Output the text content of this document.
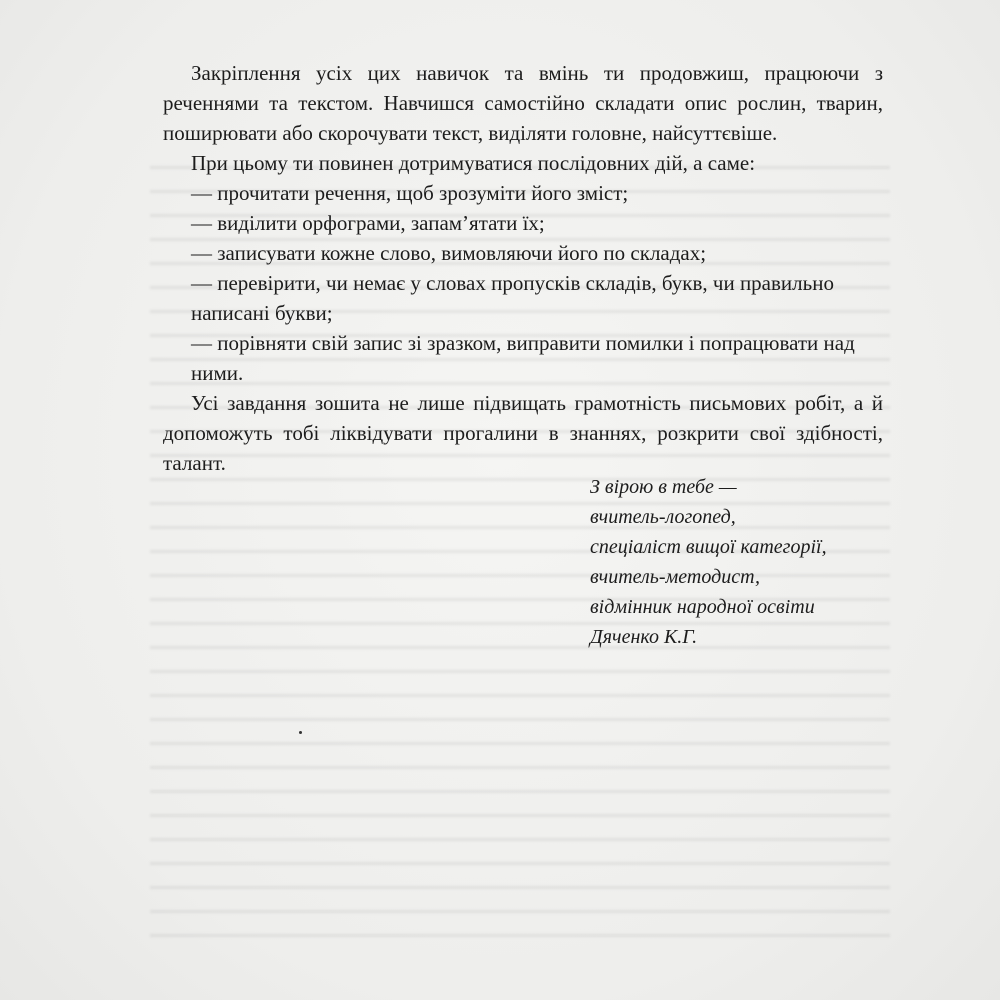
Закріплення усіх цих навичок та вмінь ти продовжиш, працюючи з реченнями та текстом. Навчишся самостійно складати опис рослин, тварин, поширювати або скорочувати текст, виділяти головне, найсуттєвіше.

При цьому ти повинен дотримуватися послідовних дій, а саме:

— прочитати речення, щоб зрозуміти його зміст;
— виділити орфограми, запам’ятати їх;
— записувати кожне слово, вимовляючи його по складах;
— перевірити, чи немає у словах пропусків складів, букв, чи правильно написані букви;
— порівняти свій запис зі зразком, виправити помилки і попрацювати над ними.

Усі завдання зошита не лише підвищать грамотність письмових робіт, а й допоможуть тобі ліквідувати прогалини в знаннях, розкрити свої здібності, талант.

З вірою в тебе —
вчитель-логопед,
спеціаліст вищої категорії,
вчитель-методист,
відмінник народної освіти
Дяченко К.Г.
